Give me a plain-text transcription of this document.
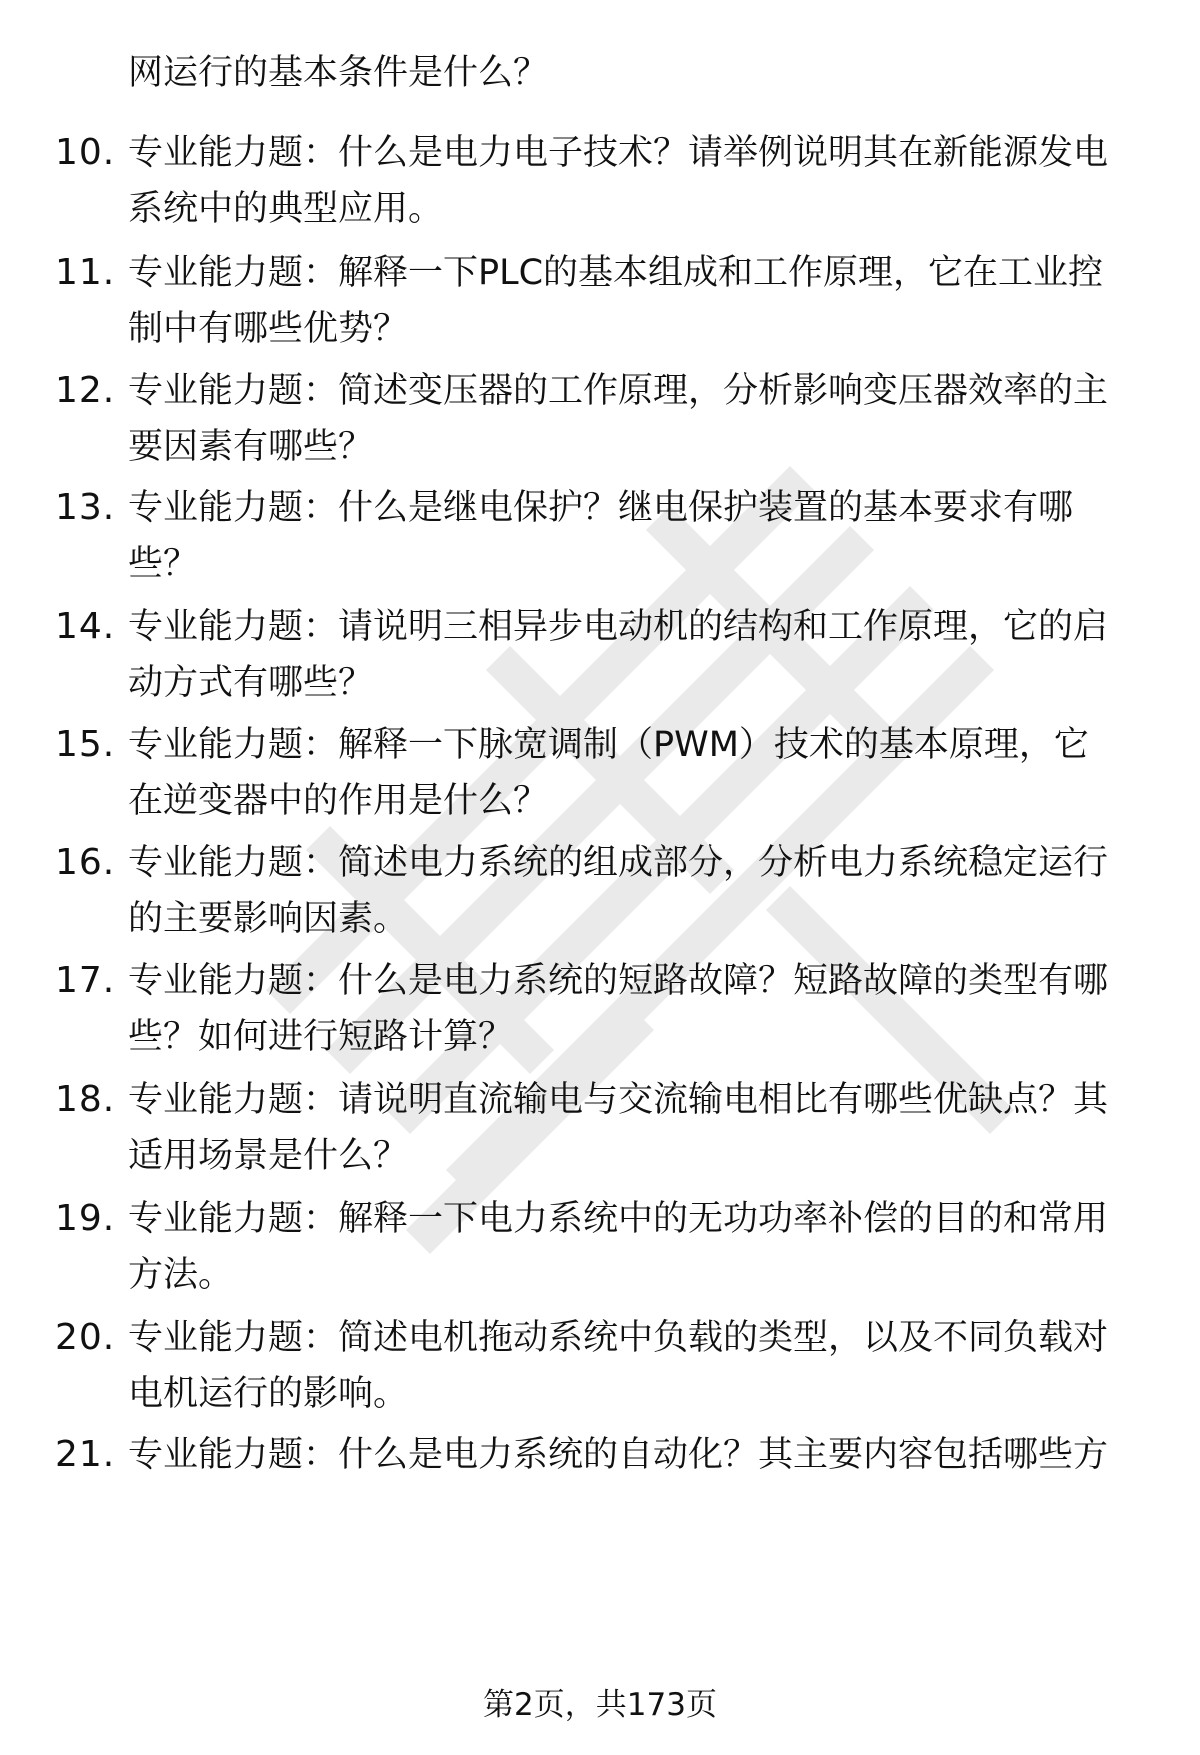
网运行的基本条件是什么？
10. 专业能力题：什么是电力电子技术？请举例说明其在新能源发电
系统中的典型应用。
11. 专业能力题：解释一下PLC的基本组成和工作原理，它在工业控
制中有哪些优势？
12. 专业能力题：简述变压器的工作原理，分析影响变压器效率的主
要因素有哪些？
13. 专业能力题：什么是继电保护？继电保护装置的基本要求有哪
些？
14. 专业能力题：请说明三相异步电动机的结构和工作原理，它的启
动方式有哪些？
15. 专业能力题：解释一下脉宽调制（PWM）技术的基本原理，它
在逆变器中的作用是什么？
16. 专业能力题：简述电力系统的组成部分，分析电力系统稳定运行
的主要影响因素。
17. 专业能力题：什么是电力系统的短路故障？短路故障的类型有哪
些？如何进行短路计算？
18. 专业能力题：请说明直流输电与交流输电相比有哪些优缺点？其
适用场景是什么？
19. 专业能力题：解释一下电力系统中的无功功率补偿的目的和常用
方法。
20. 专业能力题：简述电机拖动系统中负载的类型，以及不同负载对
电机运行的影响。
21. 专业能力题：什么是电力系统的自动化？其主要内容包括哪些方
第2页，共173页
